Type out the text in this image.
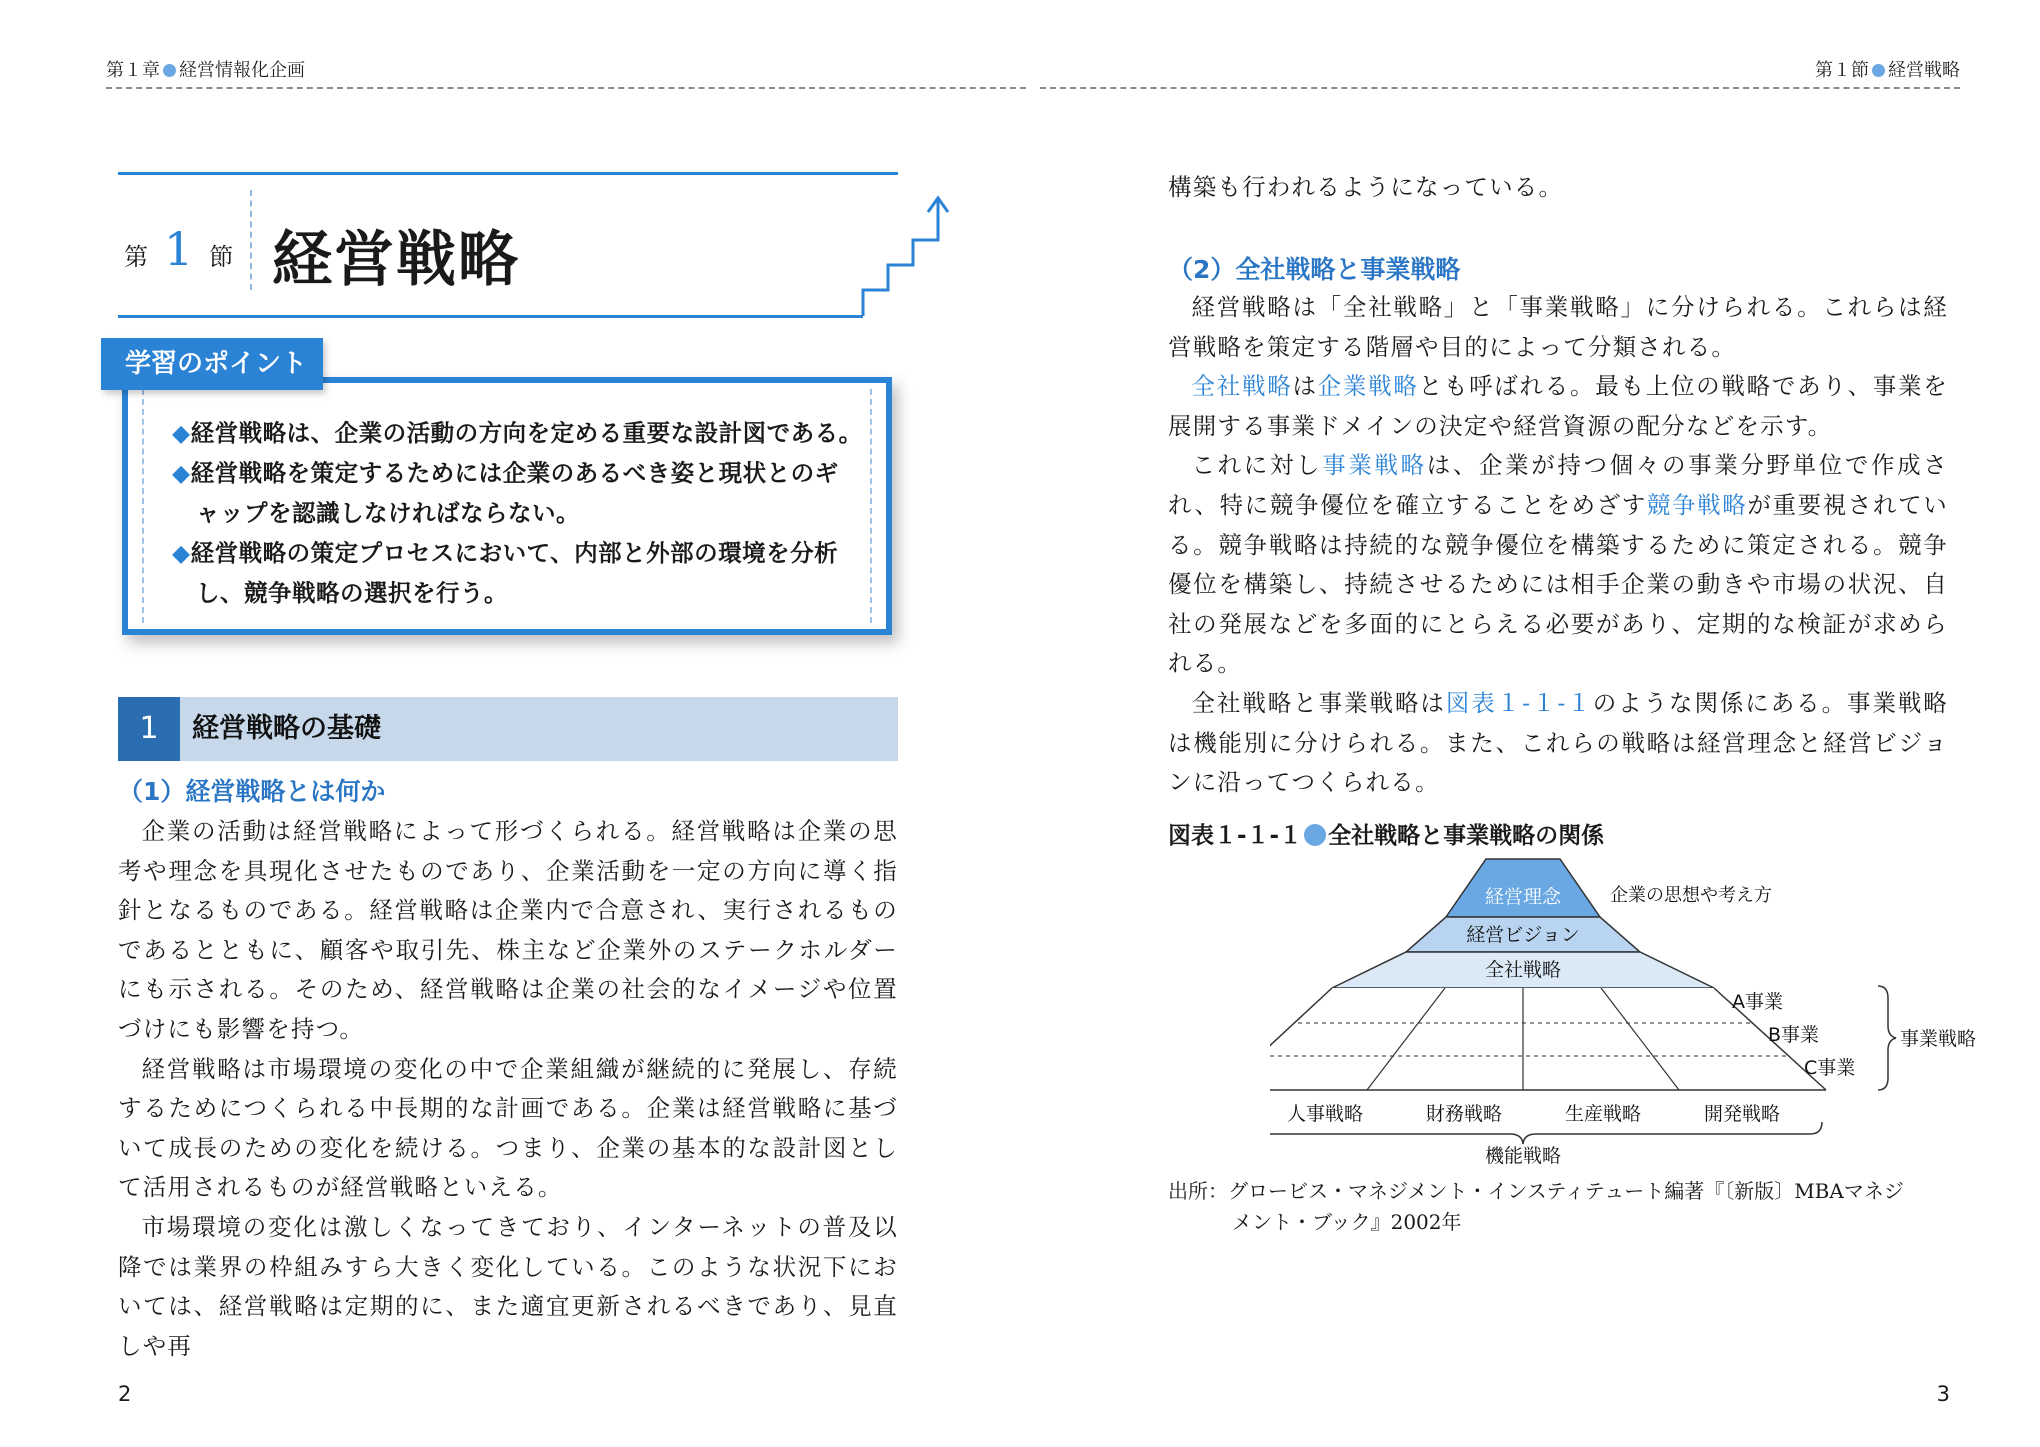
第１章 経営情報化企画	第１節 経営戦略
第 1 節 経営戦略
◆経営戦略は、企業の活動の方向を定める重要な設計図である。
◆経営戦略を策定するためには企業のあるべき姿と現状とのギ
ャップを認識しなければならない。
◆経営戦略の策定プロセスにおいて、内部と外部の環境を分析
し、競争戦略の選択を行う。
学習のポイント
1	経営戦略の基礎
（1）経営戦略とは何か

企業の活動は経営戦略によって形づくられる。経営戦略は企業の思考や理念を具現化させたものであり、企業活動を一定の方向に導く指針となるものである。経営戦略は企業内で合意され、実行されるものであるとともに、顧客や取引先、株主など企業外のステークホルダーにも示される。そのため、経営戦略は企業の社会的なイメージや位置づけにも影響を持つ。

経営戦略は市場環境の変化の中で企業組織が継続的に発展し、存続するためにつくられる中長期的な計画である。企業は経営戦略に基づいて成長のための変化を続ける。つまり、企業の基本的な設計図として活用されるものが経営戦略といえる。

市場環境の変化は激しくなってきており、インターネットの普及以降では業界の枠組みすら大きく変化している。このような状況下においては、経営戦略は定期的に、また適宜更新されるべきであり、見直しや再

構築も行われるようになっている。
（2）全社戦略と事業戦略

経営戦略は「全社戦略」と「事業戦略」に分けられる。これらは経営戦略を策定する階層や目的によって分類される。

全社戦略は企業戦略とも呼ばれる。最も上位の戦略であり、事業を展開する事業ドメインの決定や経営資源の配分などを示す。

これに対し事業戦略は、企業が持つ個々の事業分野単位で作成され、特に競争優位を確立することをめざす競争戦略が重要視されている。競争戦略は持続的な競争優位を構築するために策定される。競争優位を構築し、持続させるためには相手企業の動きや市場の状況、自社の発展などを多面的にとらえる必要があり、定期的な検証が求められる。

全社戦略と事業戦略は図表１-１-１のような関係にある。事業戦略は機能別に分けられる。また、これらの戦略は経営理念と経営ビジョンに沿ってつくられる。

図表１-１-１ 全社戦略と事業戦略の関係
経営理念	企業の思想や考え方
経営ビジョン
全社戦略
A事業
B事業
C事業
事業戦略
人事戦略	財務戦略	生産戦略	開発戦略
機能戦略
出所：グロービス・マネジメント・インスティテュート編著『〔新版〕MBAマネジ
メント・ブック』2002年
2	3
